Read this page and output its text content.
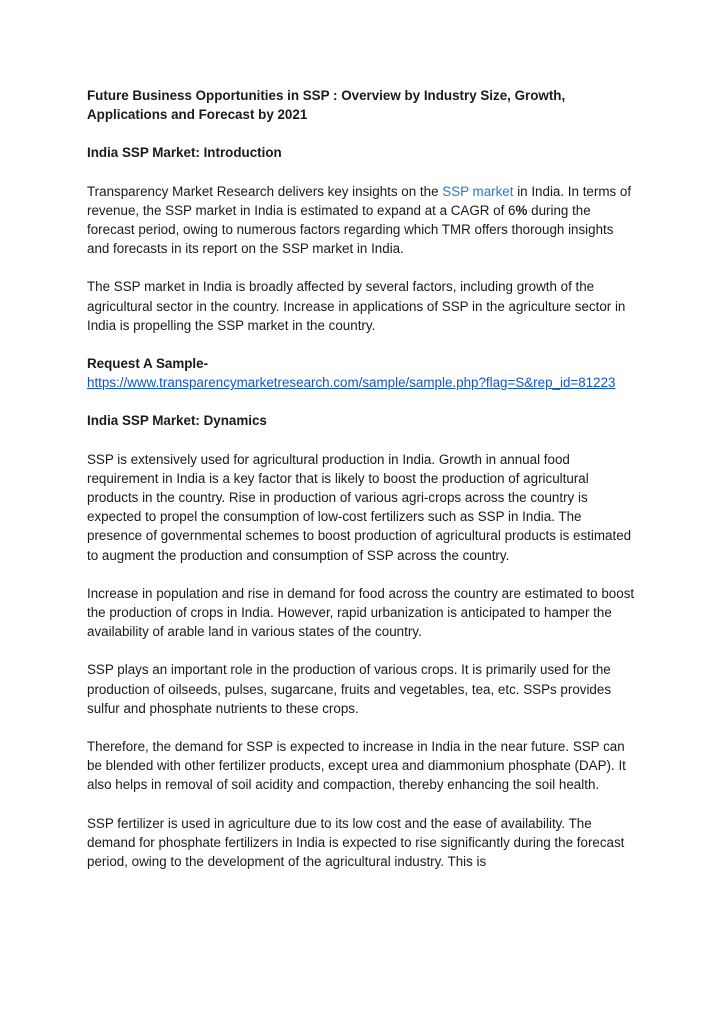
Future Business Opportunities in SSP : Overview by Industry Size, Growth, Applications and Forecast by 2021
India SSP Market: Introduction
Transparency Market Research delivers key insights on the SSP market in India. In terms of revenue, the SSP market in India is estimated to expand at a CAGR of 6% during the forecast period, owing to numerous factors regarding which TMR offers thorough insights and forecasts in its report on the SSP market in India.
The SSP market in India is broadly affected by several factors, including growth of the agricultural sector in the country. Increase in applications of SSP in the agriculture sector in India is propelling the SSP market in the country.
Request A Sample-
https://www.transparencymarketresearch.com/sample/sample.php?flag=S&rep_id=81223
India SSP Market: Dynamics
SSP is extensively used for agricultural production in India. Growth in annual food requirement in India is a key factor that is likely to boost the production of agricultural products in the country. Rise in production of various agri-crops across the country is expected to propel the consumption of low-cost fertilizers such as SSP in India. The presence of governmental schemes to boost production of agricultural products is estimated to augment the production and consumption of SSP across the country.
Increase in population and rise in demand for food across the country are estimated to boost the production of crops in India. However, rapid urbanization is anticipated to hamper the availability of arable land in various states of the country.
SSP plays an important role in the production of various crops. It is primarily used for the production of oilseeds, pulses, sugarcane, fruits and vegetables, tea, etc. SSPs provides sulfur and phosphate nutrients to these crops.
Therefore, the demand for SSP is expected to increase in India in the near future. SSP can be blended with other fertilizer products, except urea and diammonium phosphate (DAP). It also helps in removal of soil acidity and compaction, thereby enhancing the soil health.
SSP fertilizer is used in agriculture due to its low cost and the ease of availability. The demand for phosphate fertilizers in India is expected to rise significantly during the forecast period, owing to the development of the agricultural industry. This is
